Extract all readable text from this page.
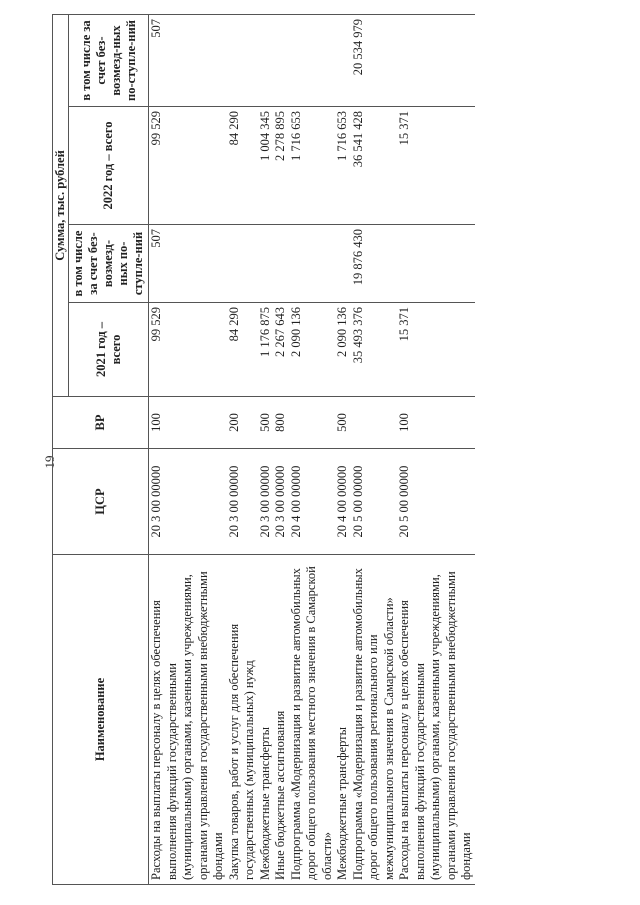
19
Наименование	ЦСР	ВР	Сумма, тыс. рублей			
			2021 год – всего	в том числе за счет без-возмезд-ных по-ступле-ний	2022 год – всего	в том числе за счет без-возмезд-ных по-ступле-ний
Расходы на выплаты персоналу в целях обеспечения выполнения функций государственными (муниципальными) органами, казенными учреждениями, органами управления государственными внебюджетными фондами	20 3 00 00000	100	99 529	507	99 529	507
Закупка товаров, работ и услуг для обеспечения государственных (муниципальных) нужд	20 3 00 00000	200	84 290		84 290	
Межбюджетные трансферты	20 3 00 00000	500	1 176 875		1 004 345	
Иные бюджетные ассигнования	20 3 00 00000	800	2 267 643		2 278 895	
Подпрограмма «Модернизация и развитие автомобильных дорог общего пользования местного значения в Самарской области»	20 4 00 00000		2 090 136		1 716 653	
Межбюджетные трансферты	20 4 00 00000	500	2 090 136		1 716 653	
Подпрограмма «Модернизация и развитие автомобильных дорог общего пользования регионального или межмуниципального значения в Самарской области»	20 5 00 00000		35 493 376	19 876 430	36 541 428	20 534 979
Расходы на выплаты персоналу в целях обеспечения выполнения функций государственными (муниципальными) органами, казенными учреждениями, органами управления государственными внебюджетными фондами	20 5 00 00000	100	15 371		15 371	
